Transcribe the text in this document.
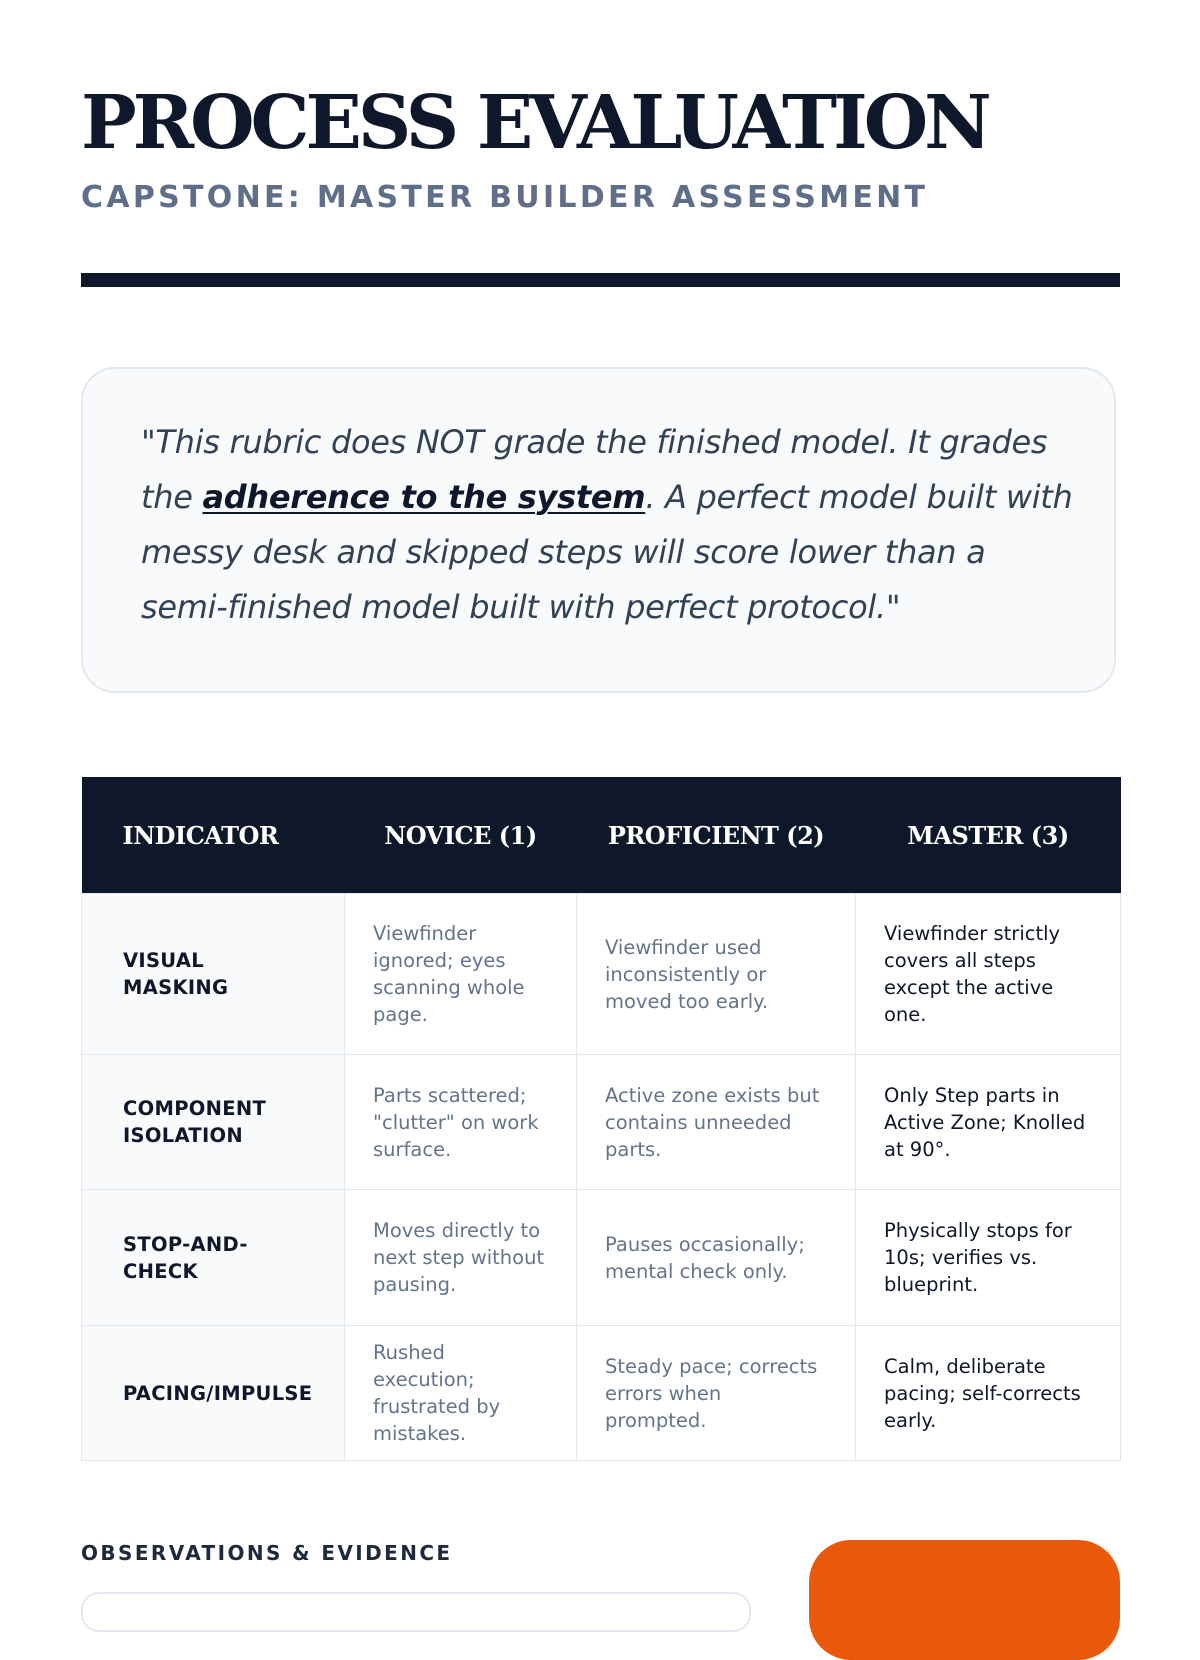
PROCESS EVALUATION
CAPSTONE: MASTER BUILDER ASSESSMENT

"This rubric does NOT grade the finished model. It grades the adherence to the system. A perfect model built with messy desk and skipped steps will score lower than a semi-finished model built with perfect protocol."

INDICATOR	NOVICE (1)	PROFICIENT (2)	MASTER (3)
VISUAL MASKING	Viewfinder ignored; eyes scanning whole page.	Viewfinder used inconsistently or moved too early.	Viewfinder strictly covers all steps except the active one.
COMPONENT ISOLATION	Parts scattered; "clutter" on work surface.	Active zone exists but contains unneeded parts.	Only Step parts in Active Zone; Knolled at 90°.
STOP-AND-CHECK	Moves directly to next step without pausing.	Pauses occasionally; mental check only.	Physically stops for 10s; verifies vs. blueprint.
PACING/IMPULSE	Rushed execution; frustrated by mistakes.	Steady pace; corrects errors when prompted.	Calm, deliberate pacing; self-corrects early.
OBSERVATIONS & EVIDENCE
